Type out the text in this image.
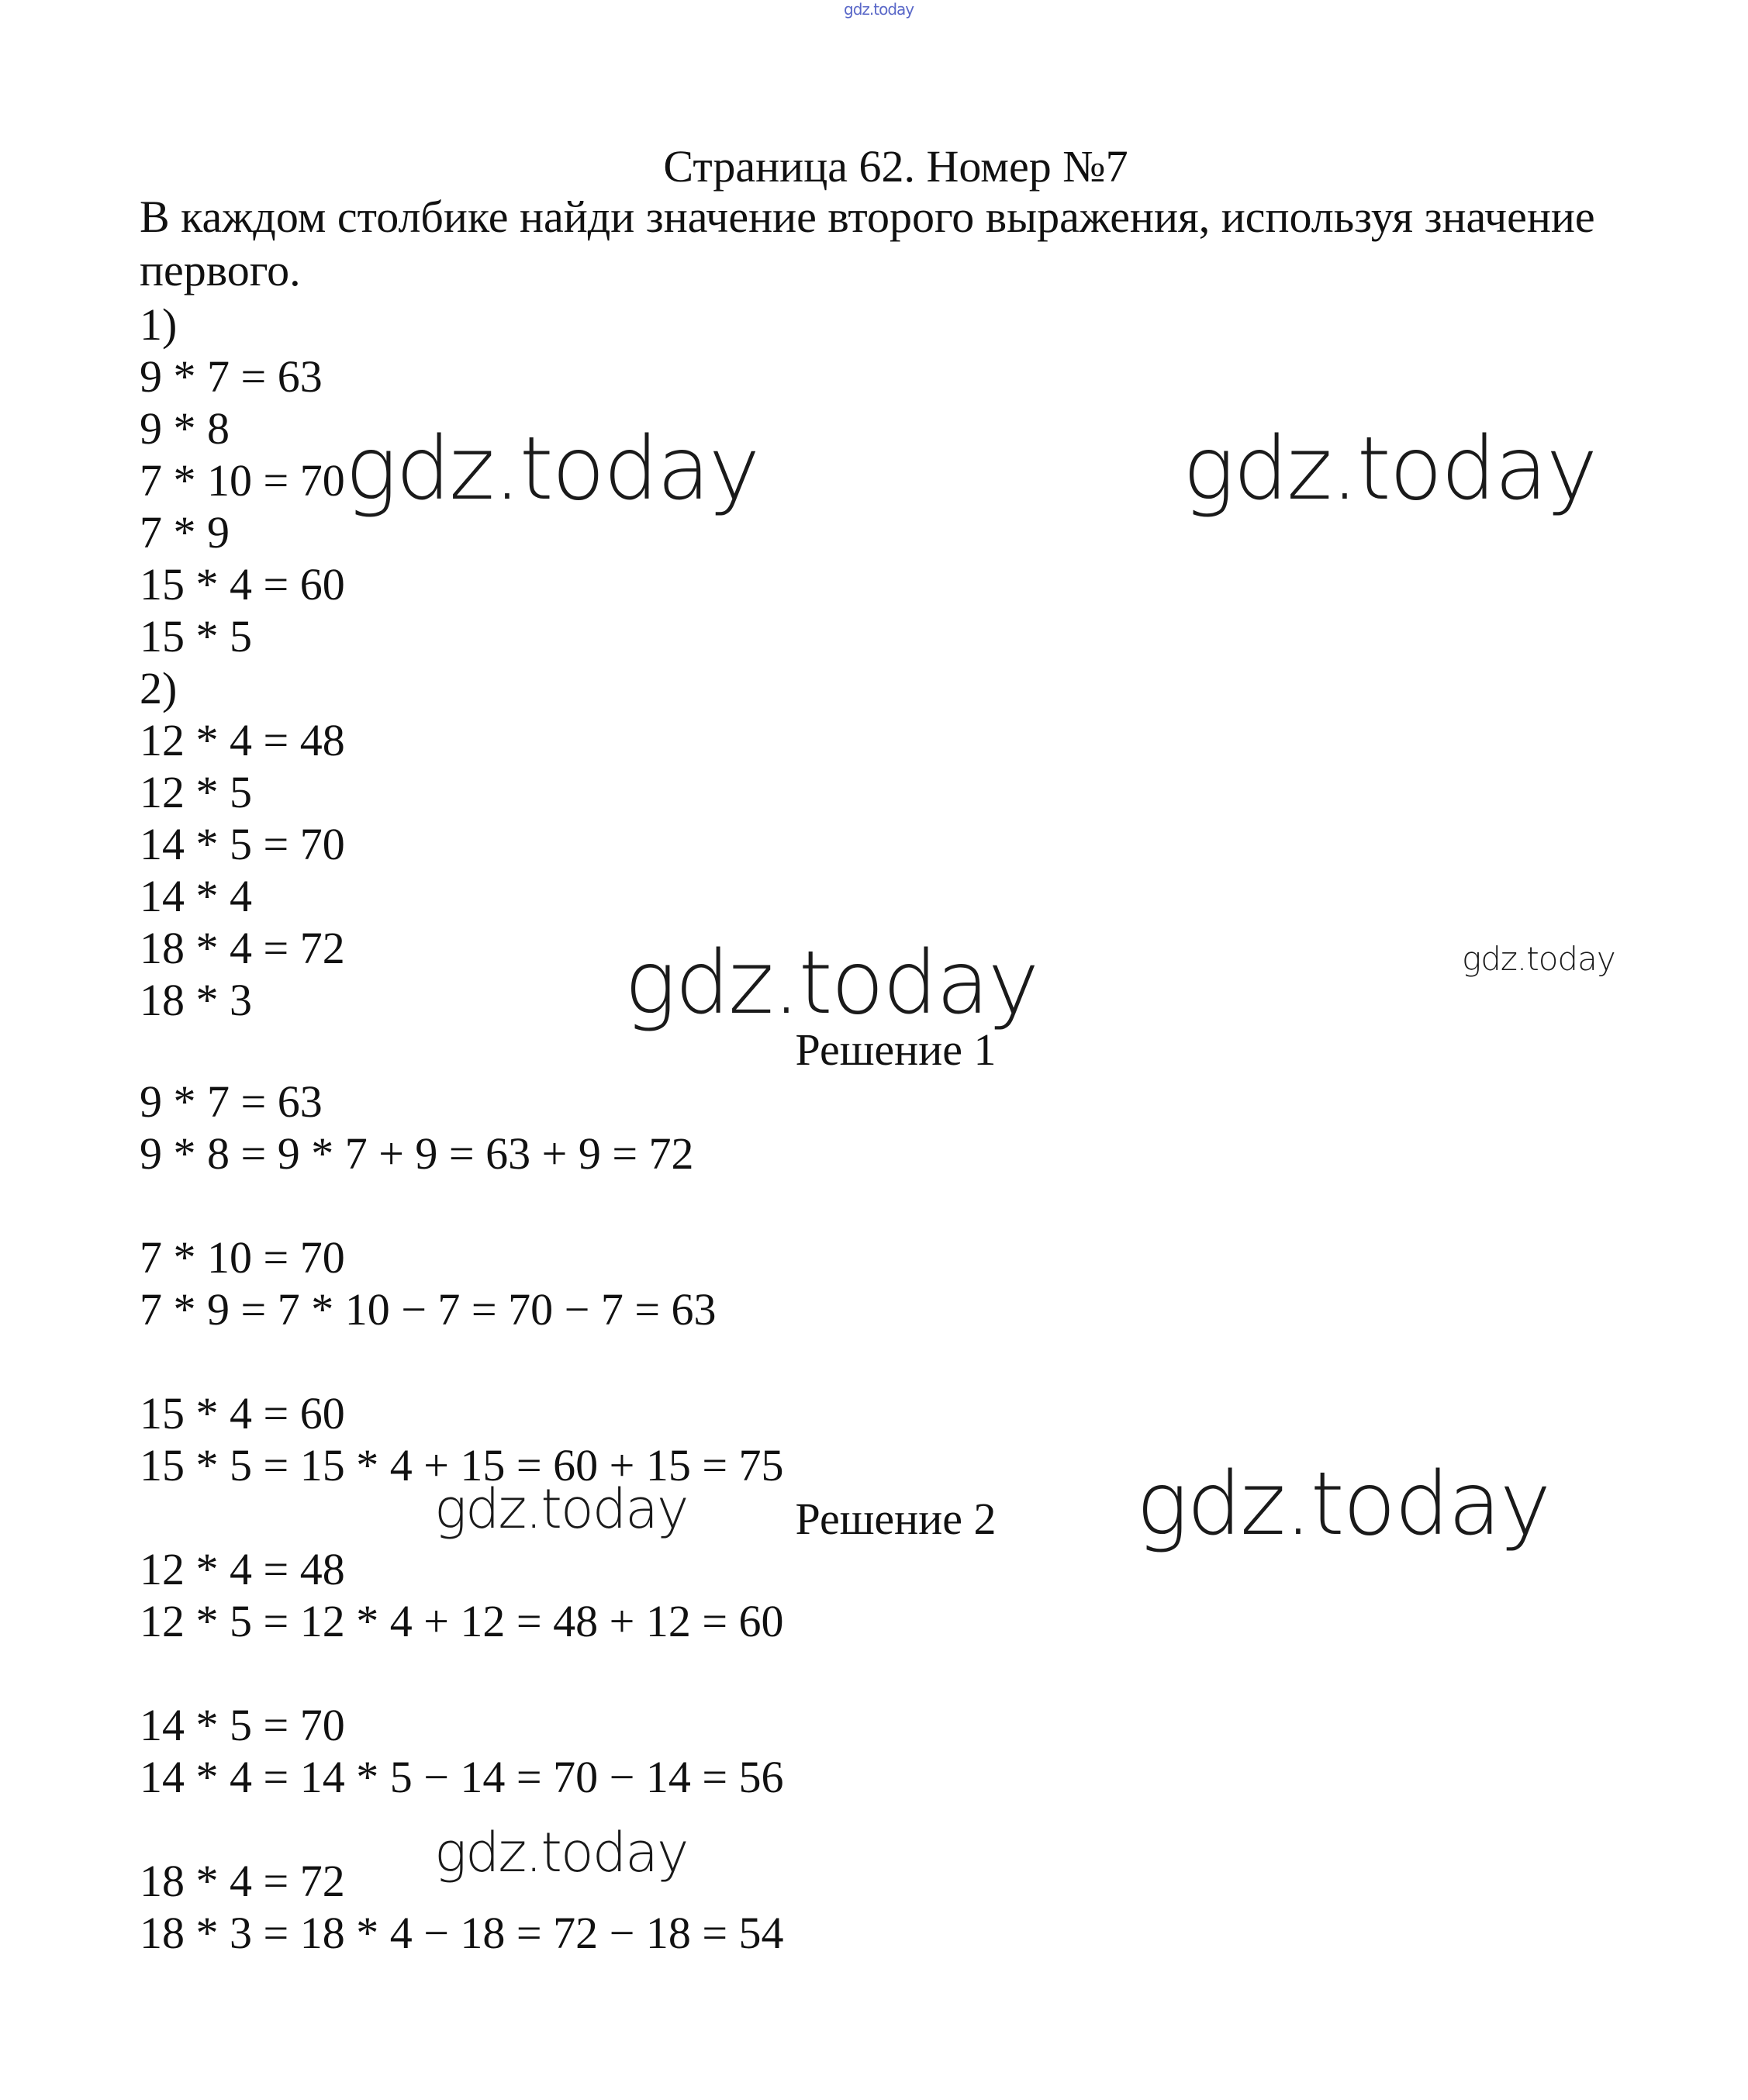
gdz.today
Страница 62. Номер №7
В каждом столбике найди значение второго выражения, используя значение первого.
1)
9 * 7 = 63
9 * 8
7 * 10 = 70
7 * 9
15 * 4 = 60
15 * 5
2)
12 * 4 = 48
12 * 5
14 * 5 = 70
14 * 4
18 * 4 = 72
18 * 3
Решение 1
9 * 7 = 63
9 * 8 = 9 * 7 + 9 = 63 + 9 = 72
7 * 10 = 70
7 * 9 = 7 * 10 − 7 = 70 − 7 = 63
15 * 4 = 60
15 * 5 = 15 * 4 + 15 = 60 + 15 = 75
Решение 2
12 * 4 = 48
12 * 5 = 12 * 4 + 12 = 48 + 12 = 60
14 * 5 = 70
14 * 4 = 14 * 5 − 14 = 70 − 14 = 56
18 * 4 = 72
18 * 3 = 18 * 4 − 18 = 72 − 18 = 54
gdz.today	gdz.today
gdz.today
gdz.today
gdz.today
gdz.today
gdz.today
